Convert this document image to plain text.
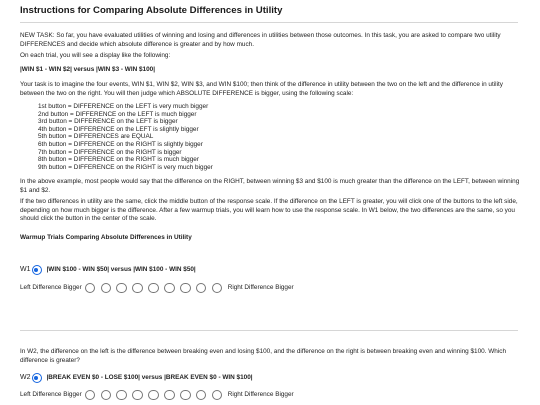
Instructions for Comparing Absolute Differences in Utility
NEW TASK: So far, you have evaluated utilities of winning and losing and differences in utilities between those outcomes. In this task, you are asked to compare two utility DIFFERENCES and decide which absolute difference is greater and by how much.
On each trial, you will see a display like the following:
|WIN $1 - WIN $2| versus |WIN $3 - WIN $100|
Your task is to imagine the four events, WIN $1, WIN $2, WIN $3, and WIN $100; then think of the difference in utility between the two on the left and the difference in utility between the two on the right. You will then judge which ABSOLUTE DIFFERENCE is bigger, using the following scale:
1st button = DIFFERENCE on the LEFT is very much bigger
2nd button = DIFFERENCE on the LEFT is much bigger
3rd button = DIFFERENCE on the LEFT is bigger
4th button = DIFFERENCE on the LEFT is slightly bigger
5th button = DIFFERENCES are EQUAL
6th button = DIFFERENCE on the RIGHT is slightly bigger
7th button = DIFFERENCE on the RIGHT is bigger
8th button = DIFFERENCE on the RIGHT is much bigger
9th button = DIFFERENCE on the RIGHT is very much bigger
In the above example, most people would say that the difference on the RIGHT, between winning $3 and $100 is much greater than the difference on the LEFT, between winning $1 and $2.
If the two differences in utility are the same, click the middle button of the response scale. If the difference on the LEFT is greater, you will click one of the buttons to the left side, depending on how much bigger is the difference. After a few warmup trials, you will learn how to use the response scale. In W1 below, the two differences are the same, so you should click the button in the center of the scale.
Warmup Trials Comparing Absolute Differences in Utility
W1	|WIN $100 - WIN $50| versus |WIN $100 - WIN $50|
Left Difference Bigger	Right Difference Bigger
In W2, the difference on the left is the difference between breaking even and losing $100, and the difference on the right is between breaking even and winning $100. Which difference is greater?
W2	|BREAK EVEN $0 - LOSE $100| versus |BREAK EVEN $0 - WIN $100|
Left Difference Bigger	Right Difference Bigger
